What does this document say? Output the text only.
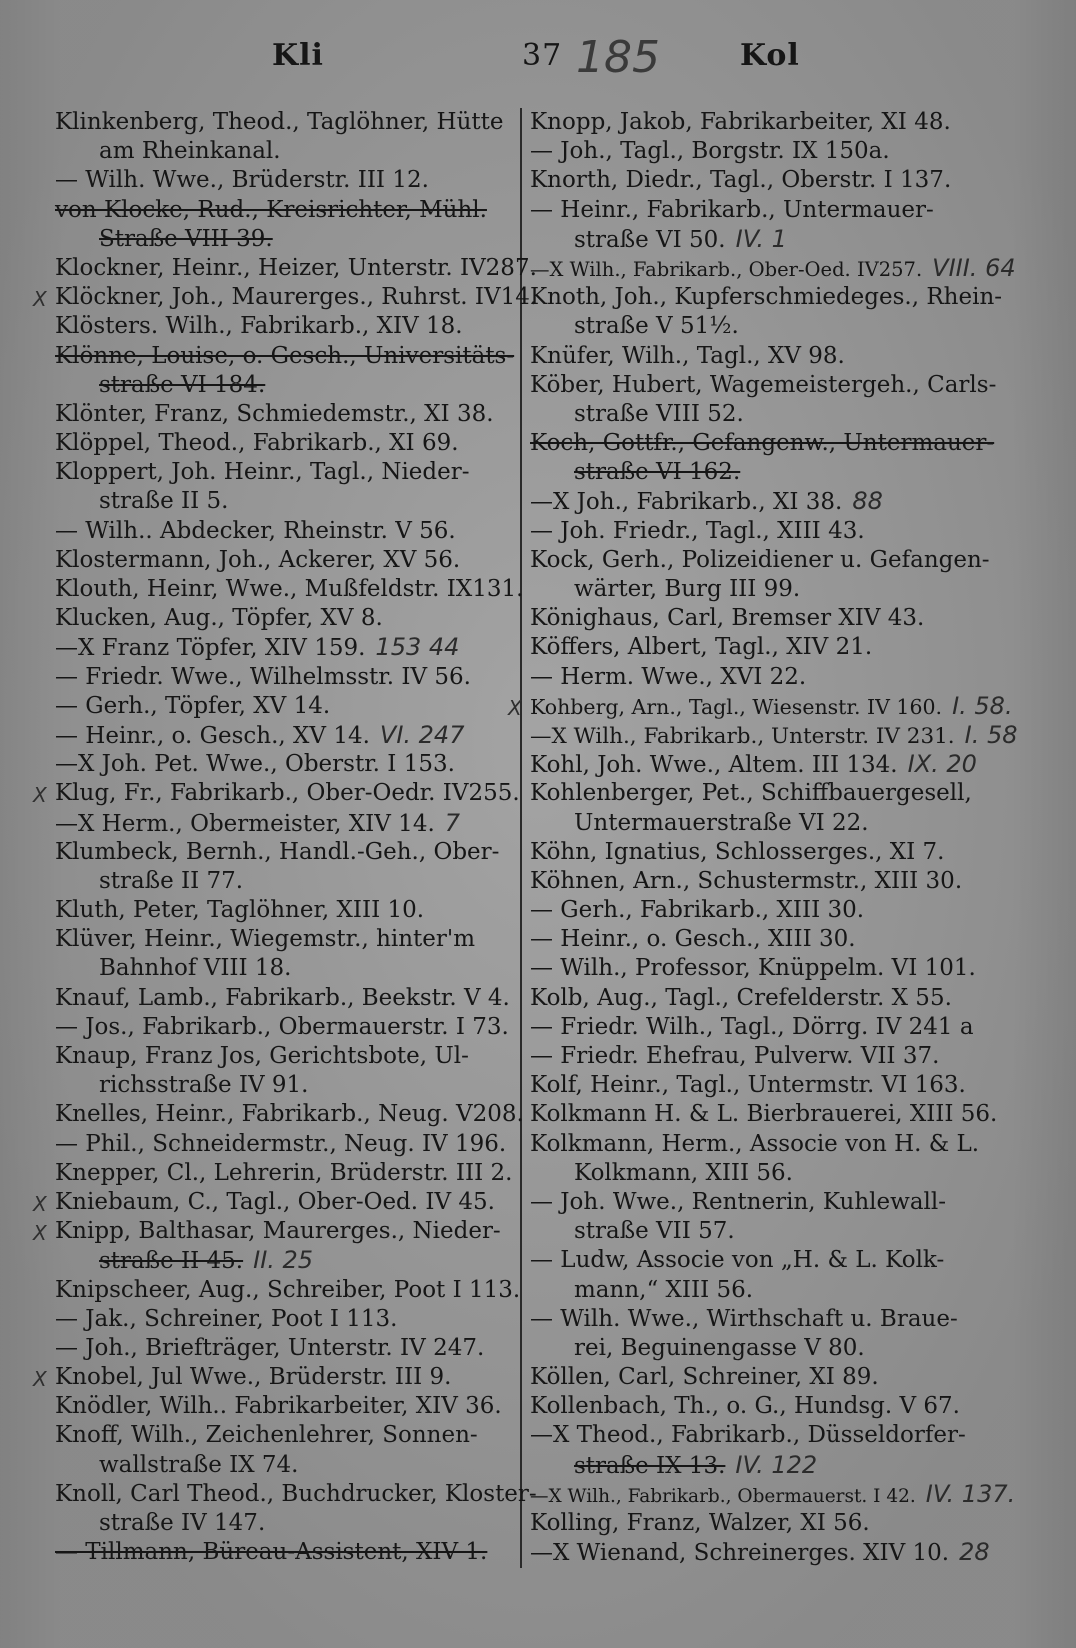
Kli	37 185	Kol
Klinkenberg, Theod., Taglöhner, Hütte
am Rheinkanal.
— Wilh. Wwe., Brüderstr. III 12.
von Klocke, Rud., Kreisrichter, Mühl.
Straße VIII 39.
Klockner, Heinr., Heizer, Unterstr. IV287.
X Klöckner, Joh., Maurerges., Ruhrst. IV14.
Klösters. Wilh., Fabrikarb., XIV 18.
Klönne, Louise, o. Gesch., Universitäts-
straße VI 184.
Klönter, Franz, Schmiedemstr., XI 38.
Klöppel, Theod., Fabrikarb., XI 69.
Kloppert, Joh. Heinr., Tagl., Nieder-
straße II 5.
— Wilh.. Abdecker, Rheinstr. V 56.
Klostermann, Joh., Ackerer, XV 56.
Klouth, Heinr, Wwe., Mußfeldstr. IX131.
Klucken, Aug., Töpfer, XV 8.
—X Franz Töpfer, XIV 159. 153 44
— Friedr. Wwe., Wilhelmsstr. IV 56.
— Gerh., Töpfer, XV 14.
— Heinr., o. Gesch., XV 14. VI. 247
—X Joh. Pet. Wwe., Oberstr. I 153.
X Klug, Fr., Fabrikarb., Ober-Oedr. IV255.
—X Herm., Obermeister, XIV 14. 7
Klumbeck, Bernh., Handl.-Geh., Ober-
straße II 77.
Kluth, Peter, Taglöhner, XIII 10.
Klüver, Heinr., Wiegemstr., hinter'm
Bahnhof VIII 18.
Knauf, Lamb., Fabrikarb., Beekstr. V 4.
— Jos., Fabrikarb., Obermauerstr. I 73.
Knaup, Franz Jos, Gerichtsbote, Ul-
richsstraße IV 91.
Knelles, Heinr., Fabrikarb., Neug. V208.
— Phil., Schneidermstr., Neug. IV 196.
Knepper, Cl., Lehrerin, Brüderstr. III 2.
X Kniebaum, C., Tagl., Ober-Oed. IV 45.
X Knipp, Balthasar, Maurerges., Nieder-
straße II 45. II. 25
Knipscheer, Aug., Schreiber, Poot I 113.
— Jak., Schreiner, Poot I 113.
— Joh., Briefträger, Unterstr. IV 247.
X Knobel, Jul Wwe., Brüderstr. III 9.
Knödler, Wilh.. Fabrikarbeiter, XIV 36.
Knoff, Wilh., Zeichenlehrer, Sonnen-
wallstraße IX 74.
Knoll, Carl Theod., Buchdrucker, Kloster-
straße IV 147.
— Tillmann, Büreau-Assistent, XIV 1.
Knopp, Jakob, Fabrikarbeiter, XI 48.
— Joh., Tagl., Borgstr. IX 150a.
Knorth, Diedr., Tagl., Oberstr. I 137.
— Heinr., Fabrikarb., Untermauer-
straße VI 50. IV. 1
—X Wilh., Fabrikarb., Ober-Oed. IV257. VIII. 64
Knoth, Joh., Kupferschmiedeges., Rhein-
straße V 51½.
Knüfer, Wilh., Tagl., XV 98.
Köber, Hubert, Wagemeistergeh., Carls-
straße VIII 52.
Koch, Gottfr., Gefangenw., Untermauer-
straße VI 162.
—X Joh., Fabrikarb., XI 38. 88
— Joh. Friedr., Tagl., XIII 43.
Kock, Gerh., Polizeidiener u. Gefangen-
wärter, Burg III 99.
Könighaus, Carl, Bremser XIV 43.
Köffers, Albert, Tagl., XIV 21.
— Herm. Wwe., XVI 22.
X Kohberg, Arn., Tagl., Wiesenstr. IV 160. I. 58.
—X Wilh., Fabrikarb., Unterstr. IV 231. I. 58
Kohl, Joh. Wwe., Altem. III 134. IX. 20
Kohlenberger, Pet., Schiffbauergesell,
Untermauerstraße VI 22.
Köhn, Ignatius, Schlosserges., XI 7.
Köhnen, Arn., Schustermstr., XIII 30.
— Gerh., Fabrikarb., XIII 30.
— Heinr., o. Gesch., XIII 30.
— Wilh., Professor, Knüppelm. VI 101.
Kolb, Aug., Tagl., Crefelderstr. X 55.
— Friedr. Wilh., Tagl., Dörrg. IV 241 a
— Friedr. Ehefrau, Pulverw. VII 37.
Kolf, Heinr., Tagl., Untermstr. VI 163.
Kolkmann H. & L. Bierbrauerei, XIII 56.
Kolkmann, Herm., Associe von H. & L.
Kolkmann, XIII 56.
— Joh. Wwe., Rentnerin, Kuhlewall-
straße VII 57.
— Ludw, Associe von „H. & L. Kolk-
mann,“ XIII 56.
— Wilh. Wwe., Wirthschaft u. Braue-
rei, Beguinengasse V 80.
Köllen, Carl, Schreiner, XI 89.
Kollenbach, Th., o. G., Hundsg. V 67.
—X Theod., Fabrikarb., Düsseldorfer-
straße IX 13. IV. 122
—X Wilh., Fabrikarb., Obermauerst. I 42. IV. 137.
Kolling, Franz, Walzer, XI 56.
—X Wienand, Schreinerges. XIV 10. 28
